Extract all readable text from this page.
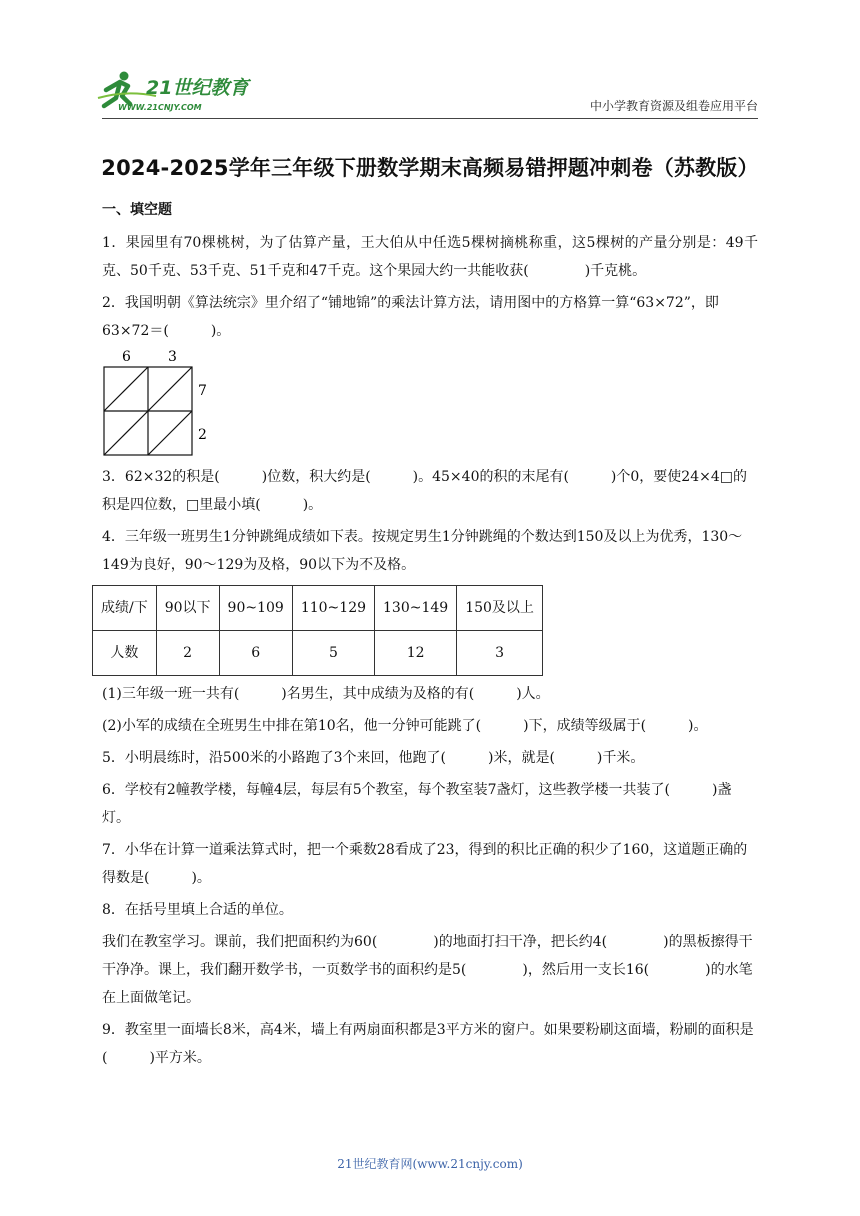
21世纪教育
WWW.21CNJY.COM	中小学教育资源及组卷应用平台
2024-2025学年三年级下册数学期末高频易错押题冲刺卷（苏教版）

一、填空题

1．果园里有70棵桃树，为了估算产量，王大伯从中任选5棵树摘桃称重，这5棵树的产量分别是：49千克、50千克、53千克、51千克和47千克。这个果园大约一共能收获(　　　　)千克桃。

2．我国明朝《算法统宗》里介绍了“铺地锦”的乘法计算方法，请用图中的方格算一算“63×72”，即63×72＝(　　　)。

6	3
7
2

3．62×32的积是(　　　)位数，积大约是(　　　)。45×40的积的末尾有(　　　)个0，要使24×4□的积是四位数，□里最小填(　　　)。

4．三年级一班男生1分钟跳绳成绩如下表。按规定男生1分钟跳绳的个数达到150及以上为优秀，130～149为良好，90～129为及格，90以下为不及格。

成绩/下	90以下	90~109	110~129	130~149	150及以上
人数	2	6	5	12	3

(1)三年级一班一共有(　　　)名男生，其中成绩为及格的有(　　　)人。

(2)小军的成绩在全班男生中排在第10名，他一分钟可能跳了(　　　)下，成绩等级属于(　　　)。

5．小明晨练时，沿500米的小路跑了3个来回，他跑了(　　　)米，就是(　　　)千米。

6．学校有2幢教学楼，每幢4层，每层有5个教室，每个教室装7盏灯，这些教学楼一共装了(　　　)盏灯。

7．小华在计算一道乘法算式时，把一个乘数28看成了23，得到的积比正确的积少了160，这道题正确的得数是(　　　)。

8．在括号里填上合适的单位。

我们在教室学习。课前，我们把面积约为60(　　　　)的地面打扫干净，把长约4(　　　　)的黑板擦得干干净净。课上，我们翻开数学书，一页数学书的面积约是5(　　　　)，然后用一支长16(　　　　)的水笔在上面做笔记。

9．教室里一面墙长8米，高4米，墙上有两扇面积都是3平方米的窗户。如果要粉刷这面墙，粉刷的面积是(　　　)平方米。

21世纪教育网(www.21cnjy.com)
